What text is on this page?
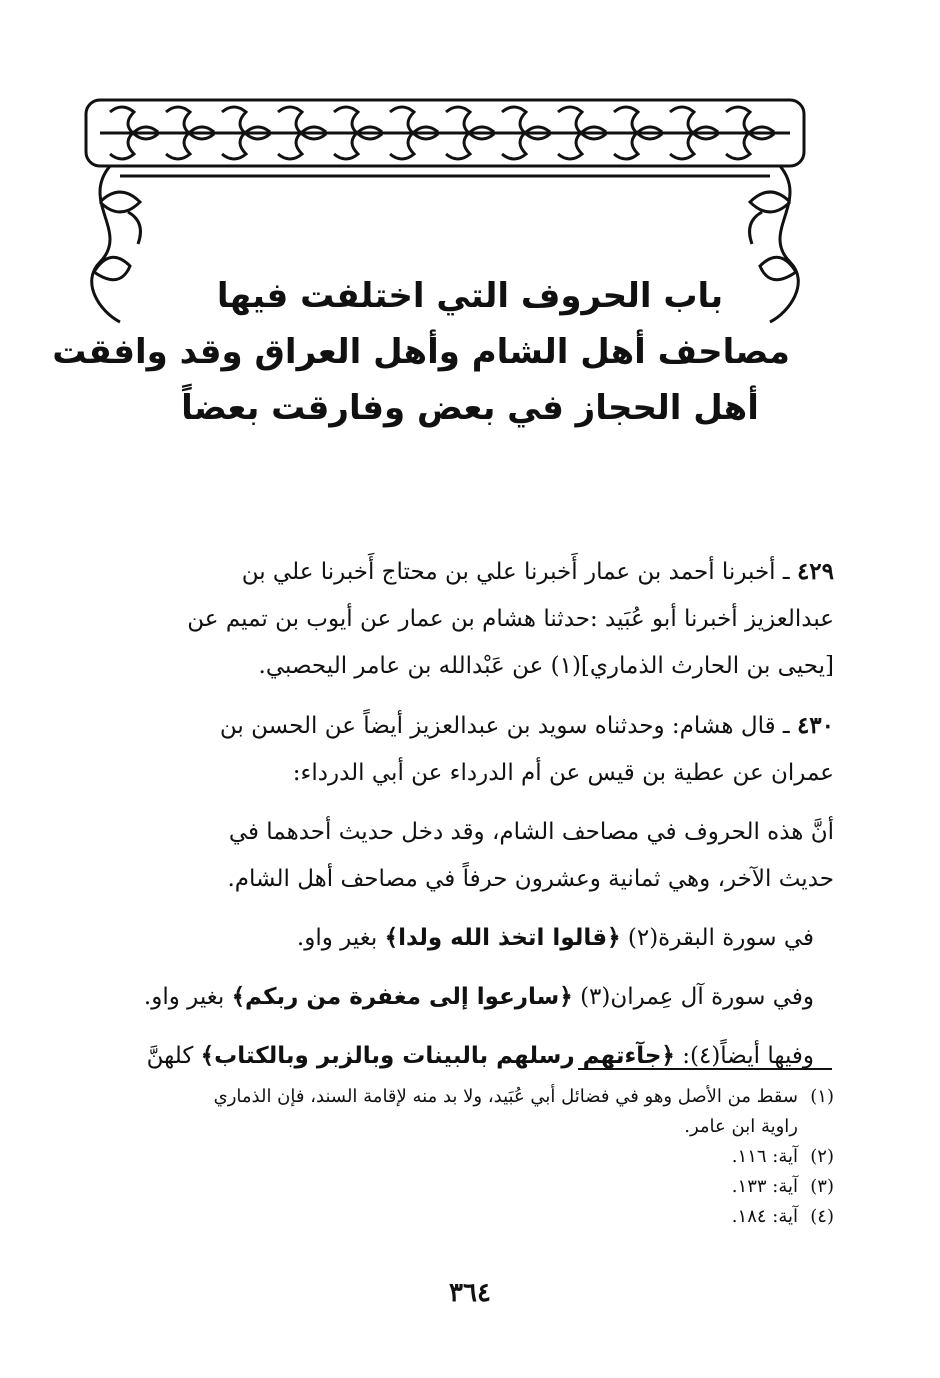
باب الحروف التي اختلفت فيها
مصاحف أهل الشام وأهل العراق وقد وافقت
أهل الحجاز في بعض وفارقت بعضاً
٤٢٩ ـ أخبرنا أحمد بن عمار أَخبرنا علي بن محتاج أَخبرنا علي بن
عبدالعزيز أخبرنا أبو عُبَيد :حدثنا هشام بن عمار عن أيوب بن تميم عن
[يحيى بن الحارث الذماري](١) عن عَبْدالله بن عامر اليحصبي.
٤٣٠ ـ قال هشام: وحدثناه سويد بن عبدالعزيز أيضاً عن الحسن بن
عمران عن عطية بن قيس عن أم الدرداء عن أبي الدرداء:
أنَّ هذه الحروف في مصاحف الشام، وقد دخل حديث أحدهما في
حديث الآخر، وهي ثمانية وعشرون حرفاً في مصاحف أهل الشام.
في سورة البقرة(٢) ﴿قالوا اتخذ الله ولدا﴾ بغير واو.
وفي سورة آل عِمران(٣) ﴿سارعوا إلى مغفرة من ربكم﴾ بغير واو.
وفيها أيضاً(٤): ﴿جآءتهم رسلهم بالبينات وبالزبر وبالكتاب﴾ كلهنَّ
(١)سقط من الأصل وهو في فضائل أبي عُبَيد، ولا بد منه لإقامة السند، فإن الذماري
راوية ابن عامر.
(٢)آية: ١١٦.
(٣)آية: ١٣٣.
(٤)آية: ١٨٤.
٣٦٤
